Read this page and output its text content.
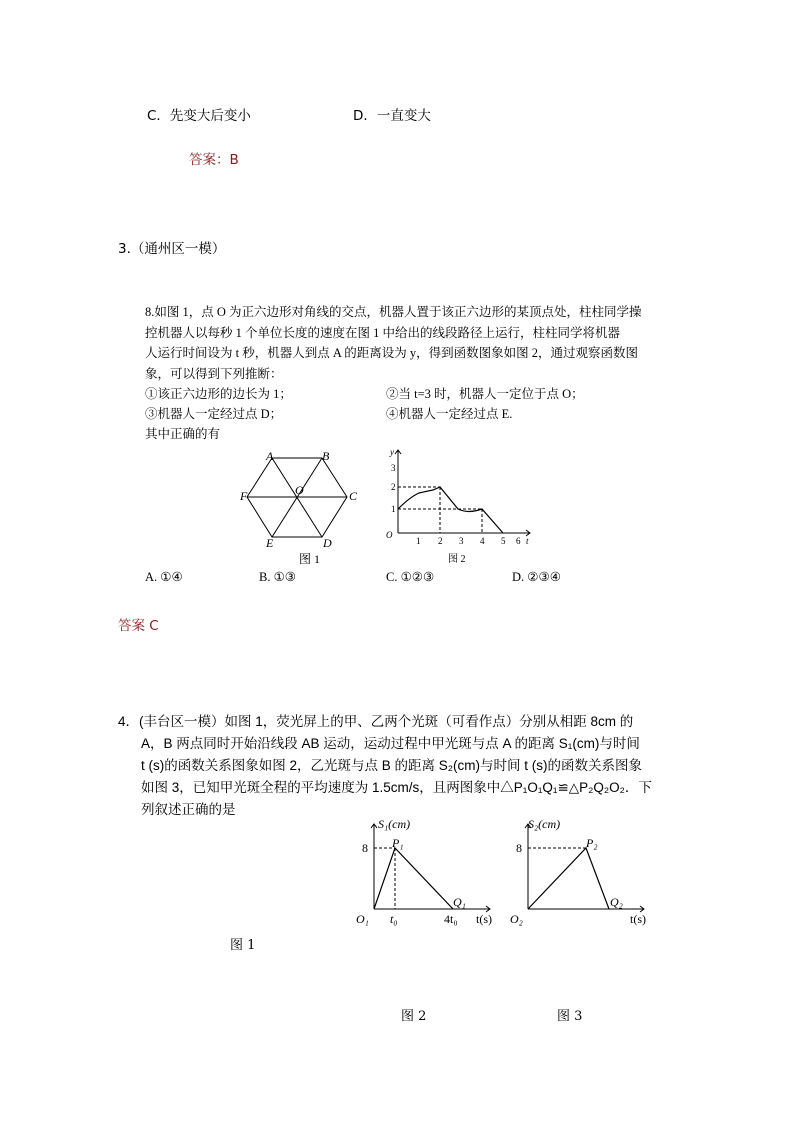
C．先变大后变小	D．一直变大
答案：B
3.（通州区一模）
8.如图 1，点 O 为正六边形对角线的交点，机器人置于该正六边形的某顶点处，柱柱同学操
控机器人以每秒 1 个单位长度的速度在图 1 中给出的线段路径上运行，柱柱同学将机器
人运行时间设为 t 秒，机器人到点 A 的距离设为 y，得到函数图象如图 2，通过观察函数图
象，可以得到下列推断：
①该正六边形的边长为 1；	②当 t=3 时，机器人一定位于点 O；
③机器人一定经过点 D；	④机器人一定经过点 E.
其中正确的有
A	B
C
D
E
F	O
图 1
O
1 2 3 4 5 6 t
1
2
3
y
图 2
A. ①④	B. ①③	C. ①②③	D. ②③④
答案 C
4．(丰台区一模）如图 1，荧光屏上的甲、乙两个光斑（可看作点）分别从相距 8cm 的
A，B 两点同时开始沿线段 AB 运动，运动过程中甲光斑与点 A 的距离 S₁(cm)与时间
t (s)的函数关系图象如图 2，乙光斑与点 B 的距离 S₂(cm)与时间 t (s)的函数关系图象
如图 3，已知甲光斑全程的平均速度为 1.5cm/s，且两图象中△P₁O₁Q₁≌△P₂Q₂O₂．下
列叙述正确的是
S₁(cm)
8 P₁
O₁ t₀	4t₀
Q₁
t(s)
S₂(cm)
8	P₂
O₂
Q₂
t(s)
图 1
图 2	图 3
